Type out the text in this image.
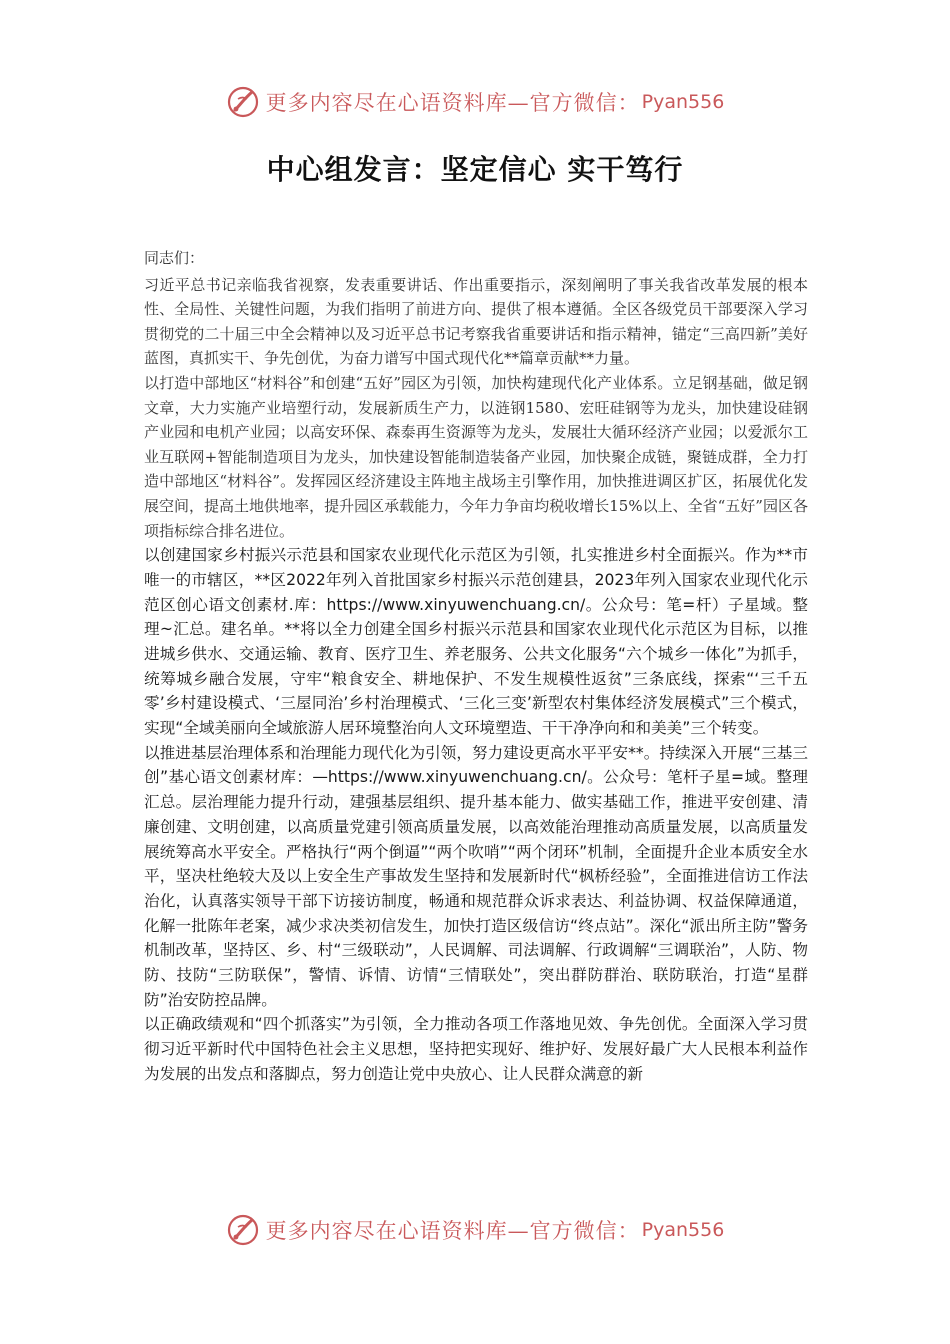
更多内容尽在心语资料库—官方微信： Pyan556
中心组发言：坚定信心 实干笃行

同志们：

习近平总书记亲临我省视察，发表重要讲话、作出重要指示，深刻阐明了事关我省改革发展的根本性、全局性、关键性问题，为我们指明了前进方向、提供了根本遵循。全区各级党员干部要深入学习贯彻党的二十届三中全会精神以及习近平总书记考察我省重要讲话和指示精神，锚定“三高四新”美好蓝图，真抓实干、争先创优，为奋力谱写中国式现代化**篇章贡献**力量。

以打造中部地区“材料谷”和创建“五好”园区为引领，加快构建现代化产业体系。立足钢基础，做足钢文章，大力实施产业培塑行动，发展新质生产力，以涟钢1580、宏旺硅钢等为龙头，加快建设硅钢产业园和电机产业园；以高安环保、森泰再生资源等为龙头，发展壮大循环经济产业园；以爱派尔工业互联网+智能制造项目为龙头，加快建设智能制造装备产业园，加快聚企成链，聚链成群，全力打造中部地区“材料谷”。发挥园区经济建设主阵地主战场主引擎作用，加快推进调区扩区，拓展优化发展空间，提高土地供地率，提升园区承载能力，今年力争亩均税收增长15%以上、全省“五好”园区各项指标综合排名进位。

以创建国家乡村振兴示范县和国家农业现代化示范区为引领，扎实推进乡村全面振兴。作为**市唯一的市辖区，**区2022年列入首批国家乡村振兴示范创建县，2023年列入国家农业现代化示范区创心语文创素材.库：https://www.xinyuwenchuang.cn/。公众号：笔=杆）子星域。整理~汇总。建名单。**将以全力创建全国乡村振兴示范县和国家农业现代化示范区为目标，以推进城乡供水、交通运输、教育、医疗卫生、养老服务、公共文化服务“六个城乡一体化”为抓手，统筹城乡融合发展，守牢“粮食安全、耕地保护、不发生规模性返贫”三条底线，探索“‘三千五零’乡村建设模式、‘三屋同治’乡村治理模式、‘三化三变’新型农村集体经济发展模式”三个模式，实现“全域美丽向全域旅游人居环境整治向人文环境塑造、干干净净向和和美美”三个转变。

以推进基层治理体系和治理能力现代化为引领，努力建设更高水平平安**。持续深入开展“三基三创”基心语文创素材库：—https://www.xinyuwenchuang.cn/。公众号：笔杆子星=域。整理汇总。层治理能力提升行动，建强基层组织、提升基本能力、做实基础工作，推进平安创建、清廉创建、文明创建，以高质量党建引领高质量发展，以高效能治理推动高质量发展，以高质量发展统筹高水平安全。严格执行“两个倒逼”“两个吹哨”“两个闭环”机制，全面提升企业本质安全水平，坚决杜绝较大及以上安全生产事故发生坚持和发展新时代“枫桥经验”，全面推进信访工作法治化，认真落实领导干部下访接访制度，畅通和规范群众诉求表达、利益协调、权益保障通道，化解一批陈年老案，减少求决类初信发生，加快打造区级信访“终点站”。深化“派出所主防”警务机制改革，坚持区、乡、村“三级联动”，人民调解、司法调解、行政调解“三调联治”，人防、物防、技防“三防联保”，警情、诉情、访情“三情联处”，突出群防群治、联防联治，打造“星群防”治安防控品牌。

以正确政绩观和“四个抓落实”为引领，全力推动各项工作落地见效、争先创优。全面深入学习贯彻习近平新时代中国特色社会主义思想，坚持把实现好、维护好、发展好最广大人民根本利益作为发展的出发点和落脚点，努力创造让党中央放心、让人民群众满意的新

更多内容尽在心语资料库—官方微信： Pyan556
